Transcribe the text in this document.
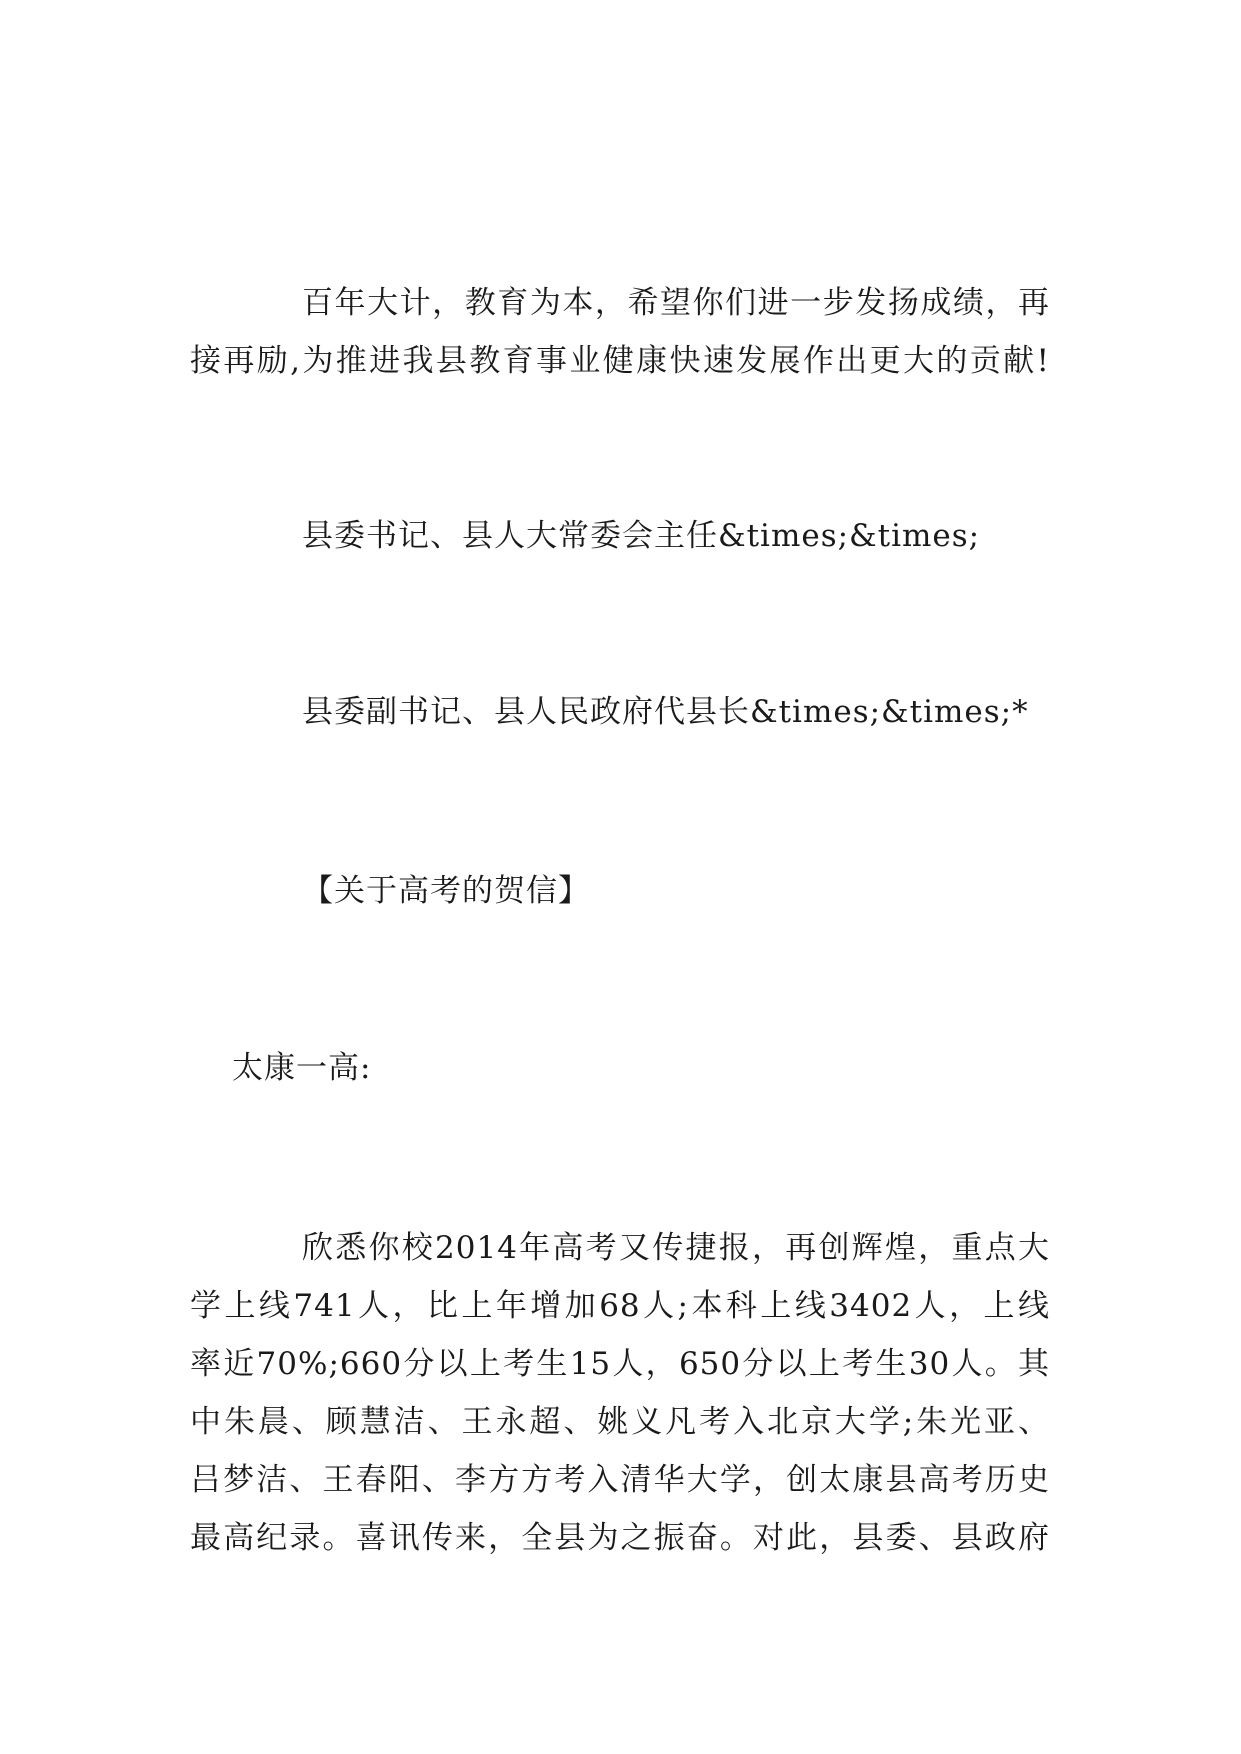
百年大计，教育为本，希望你们进一步发扬成绩，再
接再励,为推进我县教育事业健康快速发展作出更大的贡献!
县委书记、县人大常委会主任&times;&times;
县委副书记、县人民政府代县长&times;&times;*
【关于高考的贺信】
太康一高:
欣悉你校2014年高考又传捷报，再创辉煌，重点大
学上线741人，比上年增加68人;本科上线3402人，上线
率近70%;660分以上考生15人，650分以上考生30人。其
中朱晨、顾慧洁、王永超、姚义凡考入北京大学;朱光亚、
吕梦洁、王春阳、李方方考入清华大学，创太康县高考历史
最高纪录。喜讯传来，全县为之振奋。对此，县委、县政府
